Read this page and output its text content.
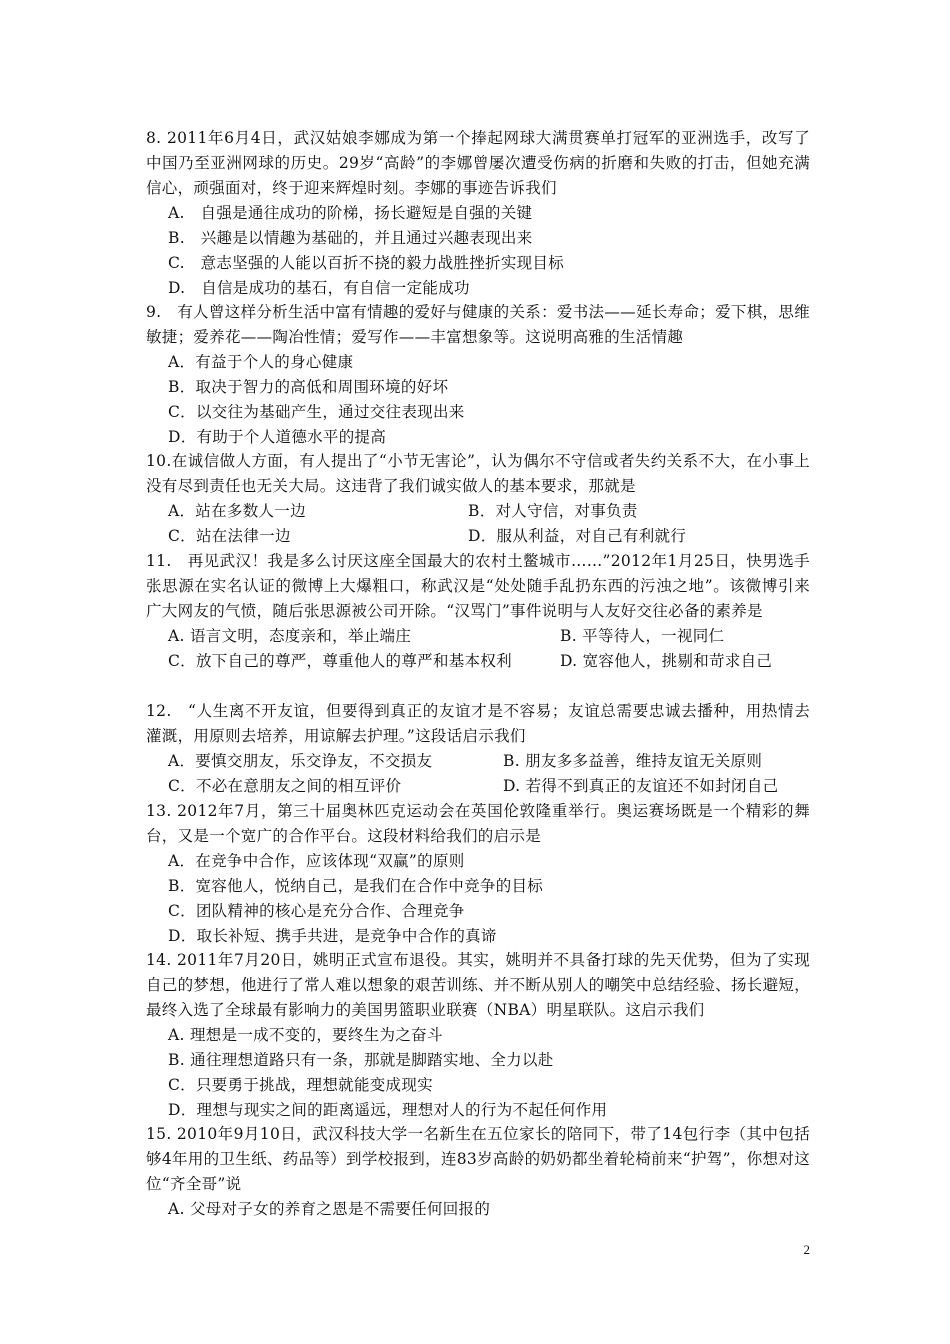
8. 2011年6月4日，武汉姑娘李娜成为第一个捧起网球大满贯赛单打冠军的亚洲选手，改写了中国乃至亚洲网球的历史。29岁“高龄”的李娜曾屡次遭受伤病的折磨和失败的打击，但她充满信心，顽强面对，终于迎来辉煌时刻。李娜的事迹告诉我们
A.　自强是通往成功的阶梯，扬长避短是自强的关键
B.　兴趣是以情趣为基础的，并且通过兴趣表现出来
C.　意志坚强的人能以百折不挠的毅力战胜挫折实现目标
D.　自信是成功的基石，有自信一定能成功
9.　有人曾这样分析生活中富有情趣的爱好与健康的关系：爱书法——延长寿命；爱下棋，思维敏捷；爱养花——陶冶性情；爱写作——丰富想象等。这说明高雅的生活情趣
A．有益于个人的身心健康
B．取决于智力的高低和周围环境的好坏
C．以交往为基础产生，通过交往表现出来
D．有助于个人道德水平的提高
10.在诚信做人方面，有人提出了“小节无害论”，认为偶尔不守信或者失约关系不大，在小事上没有尽到责任也无关大局。这违背了我们诚实做人的基本要求，那就是
A．站在多数人一边	B．对人守信，对事负责
C．站在法律一边	D．服从利益，对自己有利就行
11.　再见武汉！我是多么讨厌这座全国最大的农村土鳖城市……”2012年1月25日，快男选手张思源在实名认证的微博上大爆粗口，称武汉是“处处随手乱扔东西的污浊之地”。该微博引来广大网友的气愤，随后张思源被公司开除。“汉骂门”事件说明与人友好交往必备的素养是
A. 语言文明，态度亲和，举止端庄	B. 平等待人，一视同仁
C．放下自己的尊严，尊重他人的尊严和基本权利	D. 宽容他人，挑剔和苛求自己
12.　“人生离不开友谊，但要得到真正的友谊才是不容易；友谊总需要忠诚去播种，用热情去灌溉，用原则去培养，用谅解去护理。”这段话启示我们
A．要慎交朋友，乐交诤友，不交损友	B. 朋友多多益善，维持友谊无关原则
C．不必在意朋友之间的相互评价	D. 若得不到真正的友谊还不如封闭自己
13. 2012年7月，第三十届奥林匹克运动会在英国伦敦隆重举行。奥运赛场既是一个精彩的舞台，又是一个宽广的合作平台。这段材料给我们的启示是
A．在竞争中合作，应该体现“双赢”的原则
B．宽容他人，悦纳自己，是我们在合作中竞争的目标
C．团队精神的核心是充分合作、合理竞争
D．取长补短、携手共进，是竞争中合作的真谛
14. 2011年7月20日，姚明正式宣布退役。其实，姚明并不具备打球的先天优势，但为了实现自己的梦想，他进行了常人难以想象的艰苦训练、并不断从别人的嘲笑中总结经验、扬长避短，最终入选了全球最有影响力的美国男篮职业联赛（NBA）明星联队。这启示我们
A. 理想是一成不变的，要终生为之奋斗
B. 通往理想道路只有一条，那就是脚踏实地、全力以赴
C．只要勇于挑战，理想就能变成现实
D．理想与现实之间的距离遥远，理想对人的行为不起任何作用
15. 2010年9月10日，武汉科技大学一名新生在五位家长的陪同下，带了14包行李（其中包括够4年用的卫生纸、药品等）到学校报到，连83岁高龄的奶奶都坐着轮椅前来“护驾”，你想对这位“齐全哥”说
A. 父母对子女的养育之恩是不需要任何回报的
2
